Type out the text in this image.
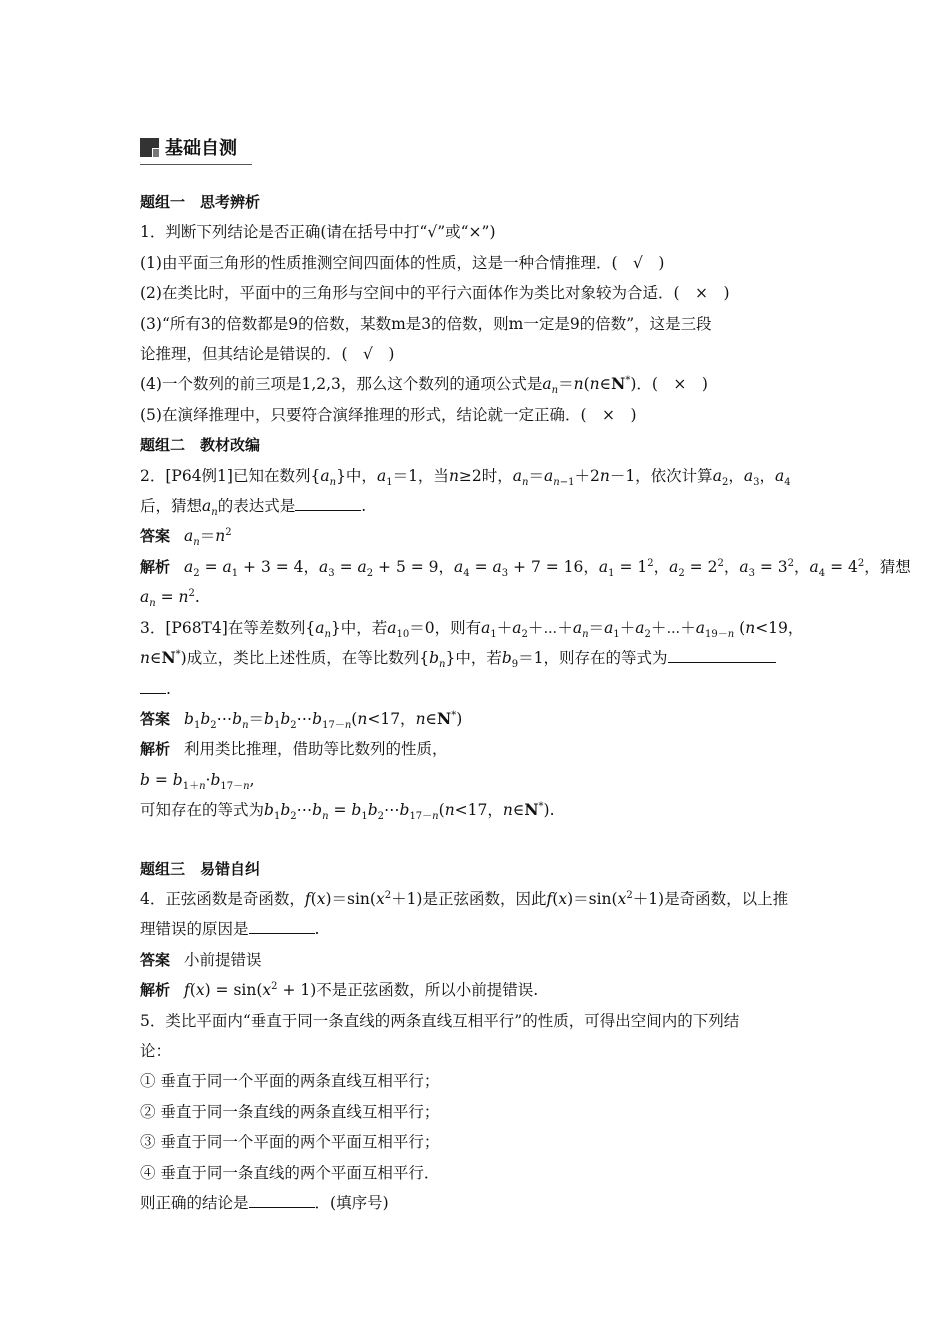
基础自测
题组一　思考辨析
1．判断下列结论是否正确(请在括号中打“√”或“×”)
(1)由平面三角形的性质推测空间四面体的性质，这是一种合情推理．(　√　)
(2)在类比时，平面中的三角形与空间中的平行六面体作为类比对象较为合适．(　×　)
(3)“所有3的倍数都是9的倍数，某数m是3的倍数，则m一定是9的倍数”，这是三段
论推理，但其结论是错误的．(　√　)
(4)一个数列的前三项是1,2,3，那么这个数列的通项公式是$a_n=n(n\in N^*)$．(　×　)
(5)在演绎推理中，只要符合演绎推理的形式，结论就一定正确．(　×　)
题组二　教材改编
2．[P64例1]已知在数列$\{a_n\}$中，$a_1=1$，当n≥2时，$a_n=a_{n-1}+2n-1$，依次计算$a_2$，$a_3$，$a_4$
后，猜想$a_n$的表达式是	.
答案 $a_n=n^2$
解析 $a_2 = a_1 + 3 = 4$，$a_3 = a_2 + 5 = 9$，$a_4 = a_3 + 7 = 16$，$a_1 = 1^2$，$a_2 = 2^2$，$a_3 = 3^2$，$a_4 = 4^2$，猜想
$a_n = n^2$.
3．[P68T4]在等差数列$\{a_n\}$中，若$a_{10}=0$，则有$a_1+a_2+\cdots+a_n=a_1+a_2+\cdots+a_{19-n}$ (n<19，
n∈N*)成立，类比上述性质，在等比数列$\{b_n\}$中，若$b_9=1$，则存在的等式为
.
答案 $b_1b_2\cdots b_n=b_1b_2\cdots b_{17-n}(n<17$，n∈N*)
解析 利用类比推理，借助等比数列的性质，
$b = b_{1+n}\cdot b_{17-n}$,
可知存在的等式为$b_1b_2\cdots b_n$ = $b_1b_2\cdots b_{17-n}(n<17$，n∈N*).
题组三　易错自纠
4．正弦函数是奇函数，$f(x)=\sin(x^2+1)$是正弦函数，因此$f(x)=\sin(x^2+1)$是奇函数，以上推
理错误的原因是	.
答案 小前提错误
解析 $f(x) = \sin(x^2 + 1)$不是正弦函数，所以小前提错误.
5．类比平面内“垂直于同一条直线的两条直线互相平行”的性质，可得出空间内的下列结
论：
① 垂直于同一个平面的两条直线互相平行；
② 垂直于同一条直线的两条直线互相平行；
③ 垂直于同一个平面的两个平面互相平行；
④ 垂直于同一条直线的两个平面互相平行．
则正确的结论是	．(填序号)
